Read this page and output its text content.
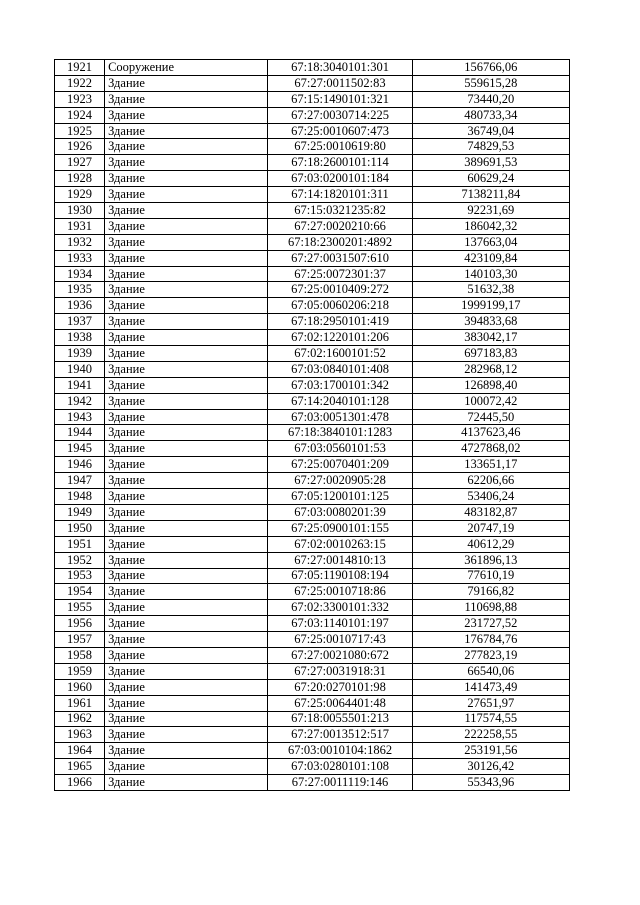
1921	Сооружение	67:18:3040101:301	156766,06
1922	Здание	67:27:0011502:83	559615,28
1923	Здание	67:15:1490101:321	73440,20
1924	Здание	67:27:0030714:225	480733,34
1925	Здание	67:25:0010607:473	36749,04
1926	Здание	67:25:0010619:80	74829,53
1927	Здание	67:18:2600101:114	389691,53
1928	Здание	67:03:0200101:184	60629,24
1929	Здание	67:14:1820101:311	7138211,84
1930	Здание	67:15:0321235:82	92231,69
1931	Здание	67:27:0020210:66	186042,32
1932	Здание	67:18:2300201:4892	137663,04
1933	Здание	67:27:0031507:610	423109,84
1934	Здание	67:25:0072301:37	140103,30
1935	Здание	67:25:0010409:272	51632,38
1936	Здание	67:05:0060206:218	1999199,17
1937	Здание	67:18:2950101:419	394833,68
1938	Здание	67:02:1220101:206	383042,17
1939	Здание	67:02:1600101:52	697183,83
1940	Здание	67:03:0840101:408	282968,12
1941	Здание	67:03:1700101:342	126898,40
1942	Здание	67:14:2040101:128	100072,42
1943	Здание	67:03:0051301:478	72445,50
1944	Здание	67:18:3840101:1283	4137623,46
1945	Здание	67:03:0560101:53	4727868,02
1946	Здание	67:25:0070401:209	133651,17
1947	Здание	67:27:0020905:28	62206,66
1948	Здание	67:05:1200101:125	53406,24
1949	Здание	67:03:0080201:39	483182,87
1950	Здание	67:25:0900101:155	20747,19
1951	Здание	67:02:0010263:15	40612,29
1952	Здание	67:27:0014810:13	361896,13
1953	Здание	67:05:1190108:194	77610,19
1954	Здание	67:25:0010718:86	79166,82
1955	Здание	67:02:3300101:332	110698,88
1956	Здание	67:03:1140101:197	231727,52
1957	Здание	67:25:0010717:43	176784,76
1958	Здание	67:27:0021080:672	277823,19
1959	Здание	67:27:0031918:31	66540,06
1960	Здание	67:20:0270101:98	141473,49
1961	Здание	67:25:0064401:48	27651,97
1962	Здание	67:18:0055501:213	117574,55
1963	Здание	67:27:0013512:517	222258,55
1964	Здание	67:03:0010104:1862	253191,56
1965	Здание	67:03:0280101:108	30126,42
1966	Здание	67:27:0011119:146	55343,96
